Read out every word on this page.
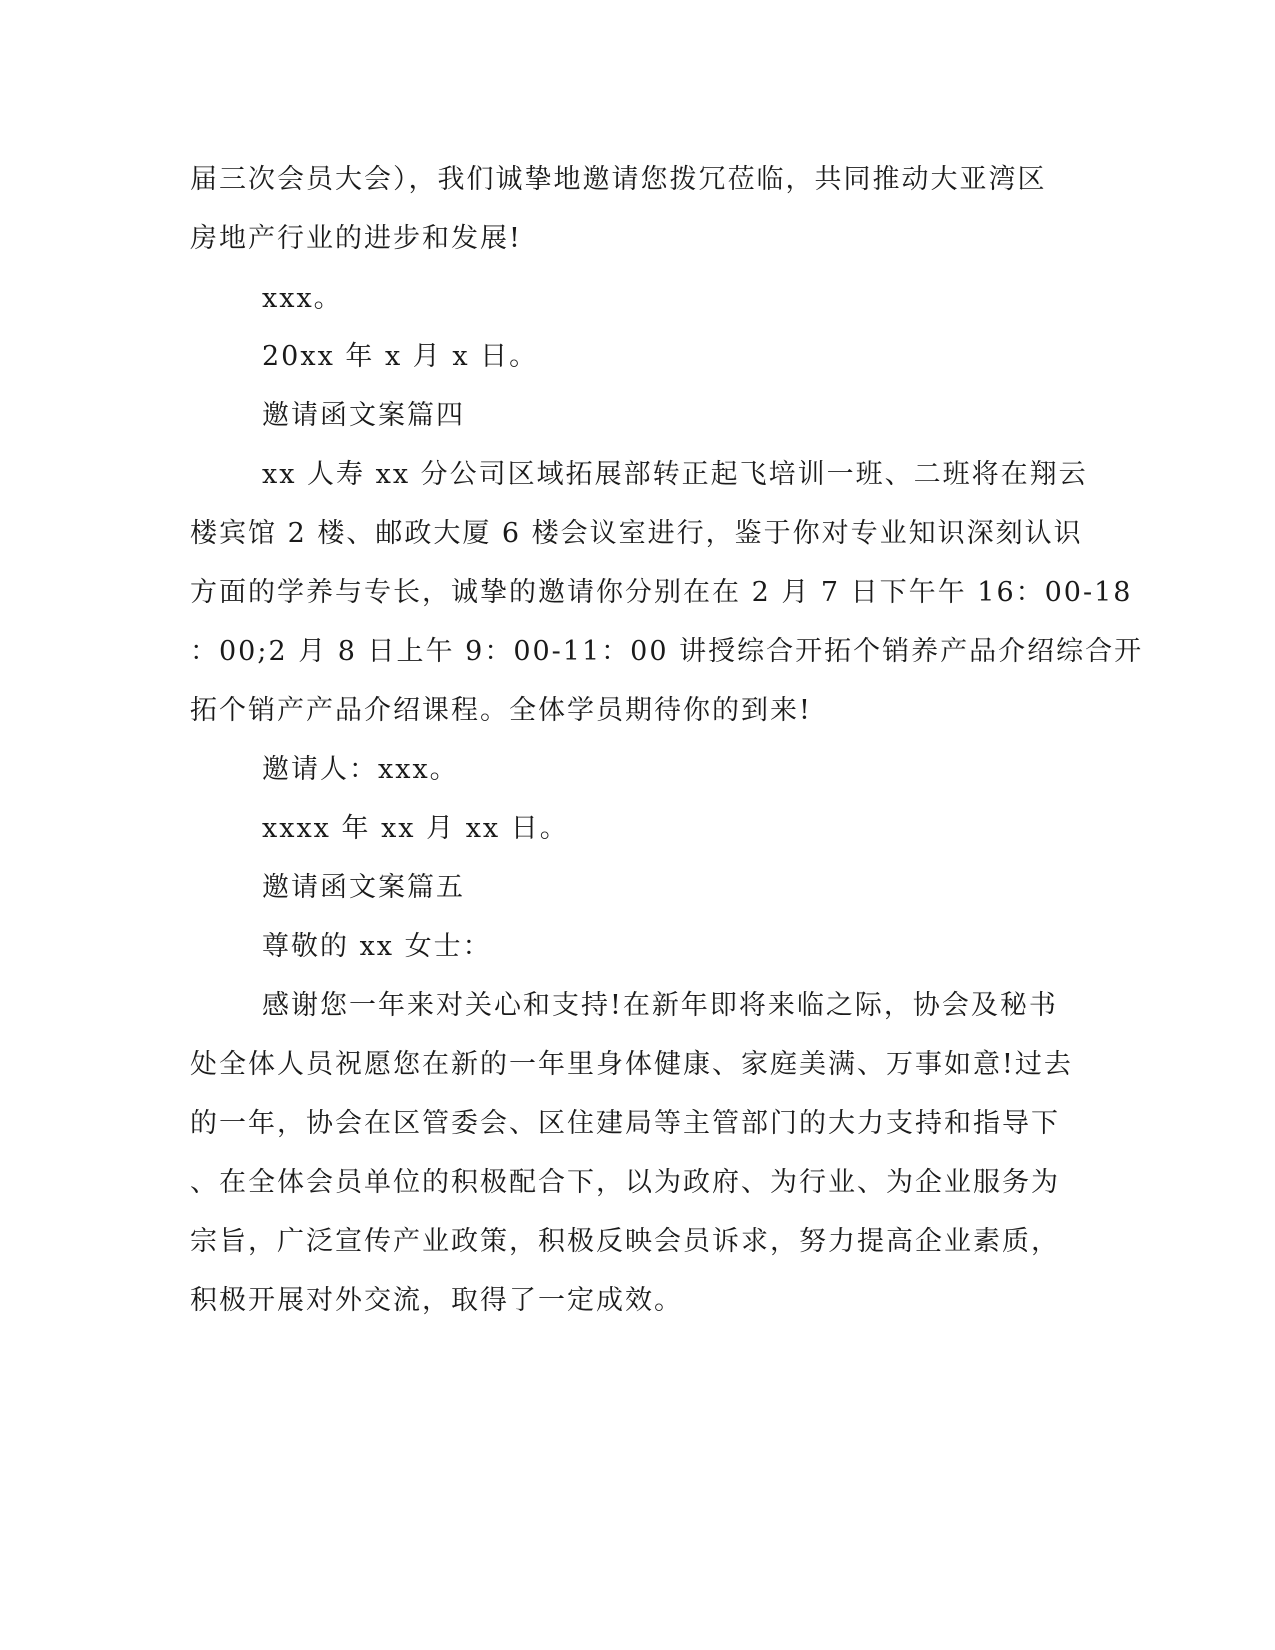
届三次会员大会），我们诚挚地邀请您拨冗莅临，共同推动大亚湾区
房地产行业的进步和发展!
xxx。
20xx 年 x 月 x 日。
邀请函文案篇四
xx 人寿 xx 分公司区域拓展部转正起飞培训一班、二班将在翔云
楼宾馆 2 楼、邮政大厦 6 楼会议室进行，鉴于你对专业知识深刻认识
方面的学养与专长，诚挚的邀请你分别在在 2 月 7 日下午午 16：00-18
：00;2 月 8 日上午 9：00-11：00 讲授综合开拓个销养产品介绍综合开
拓个销产产品介绍课程。全体学员期待你的到来!
邀请人：xxx。
xxxx 年 xx 月 xx 日。
邀请函文案篇五
尊敬的 xx 女士：
感谢您一年来对关心和支持!在新年即将来临之际，协会及秘书
处全体人员祝愿您在新的一年里身体健康、家庭美满、万事如意!过去
的一年，协会在区管委会、区住建局等主管部门的大力支持和指导下
、在全体会员单位的积极配合下，以为政府、为行业、为企业服务为
宗旨，广泛宣传产业政策，积极反映会员诉求，努力提高企业素质，
积极开展对外交流，取得了一定成效。
